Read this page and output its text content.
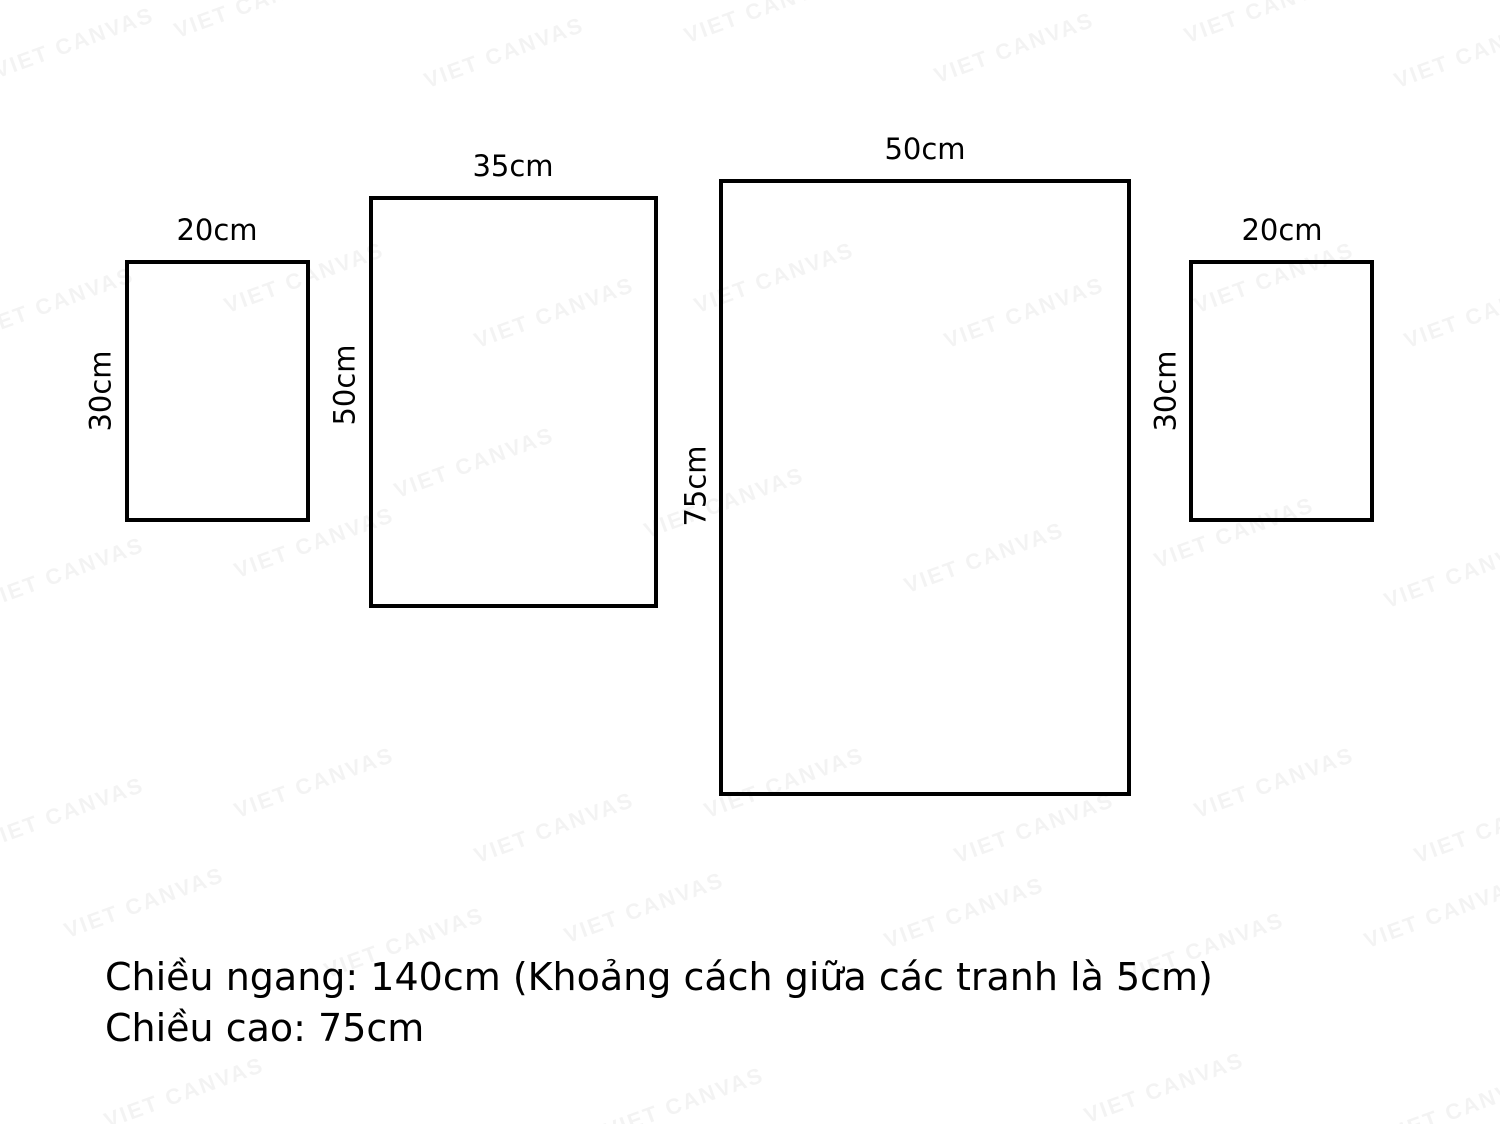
20cm
30cm
35cm
50cm
50cm
75cm
20cm
30cm
Chiều ngang: 140cm (Khoảng cách giữa các tranh là 5cm)
Chiều cao: 75cm
